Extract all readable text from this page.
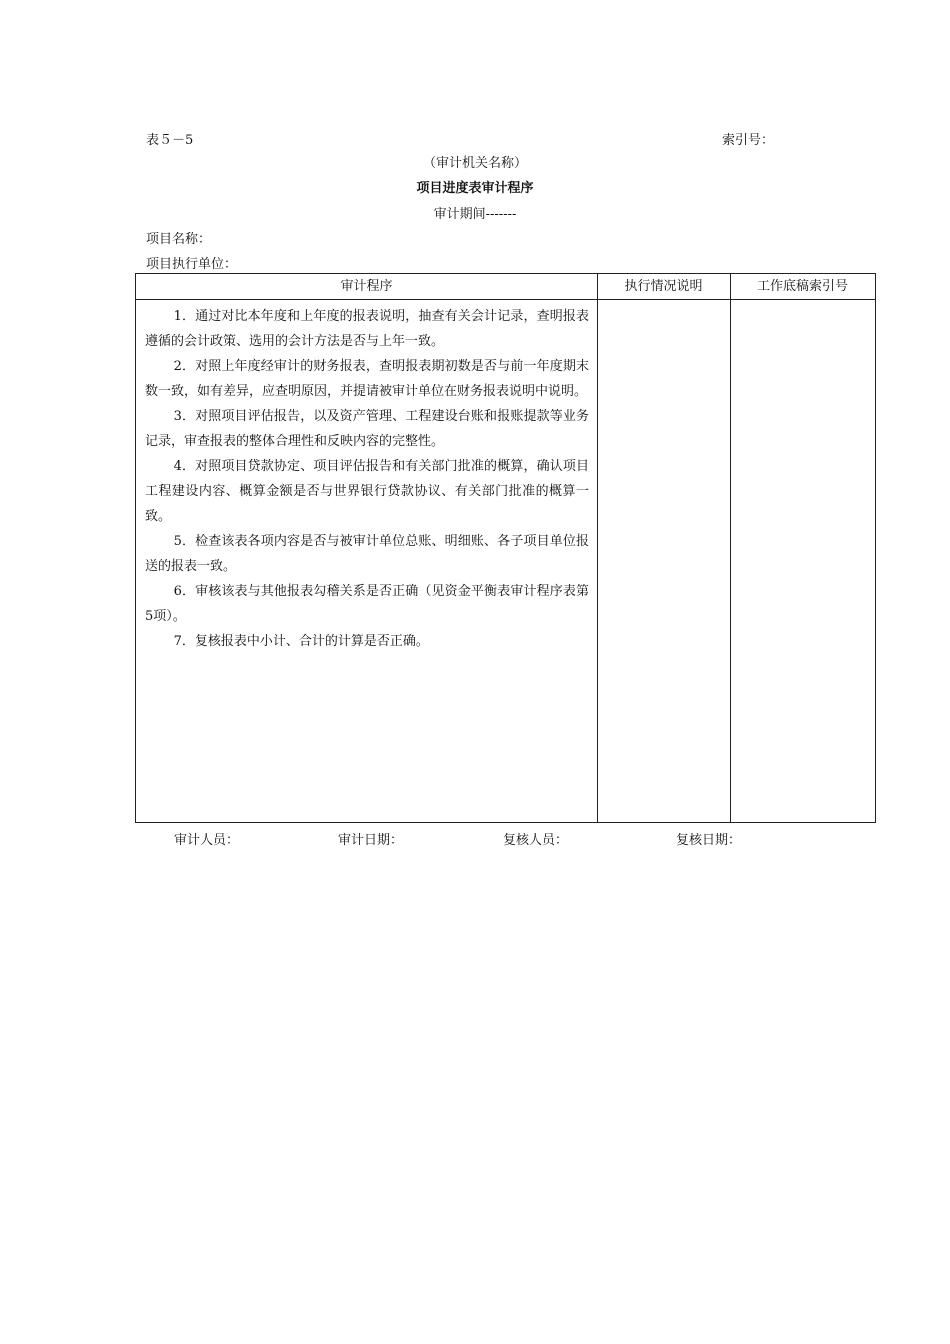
表５－5	索引号：
（审计机关名称）
项目进度表审计程序
审计期间-------
项目名称：
项目执行单位：
审计程序	执行情况说明	工作底稿索引号

1．通过对比本年度和上年度的报表说明，抽查有关会计记录，查明报表遵循的会计政策、选用的会计方法是否与上年一致。

2．对照上年度经审计的财务报表，查明报表期初数是否与前一年度期末数一致，如有差异，应查明原因，并提请被审计单位在财务报表说明中说明。

3．对照项目评估报告，以及资产管理、工程建设台账和报账提款等业务记录，审查报表的整体合理性和反映内容的完整性。

4．对照项目贷款协定、项目评估报告和有关部门批准的概算，确认项目工程建设内容、概算金额是否与世界银行贷款协议、有关部门批准的概算一致。

5．检查该表各项内容是否与被审计单位总账、明细账、各子项目单位报送的报表一致。

6．审核该表与其他报表勾稽关系是否正确（见资金平衡表审计程序表第5项）。

7．复核报表中小计、合计的计算是否正确。

审计人员：	审计日期：	复核人员：	复核日期：
